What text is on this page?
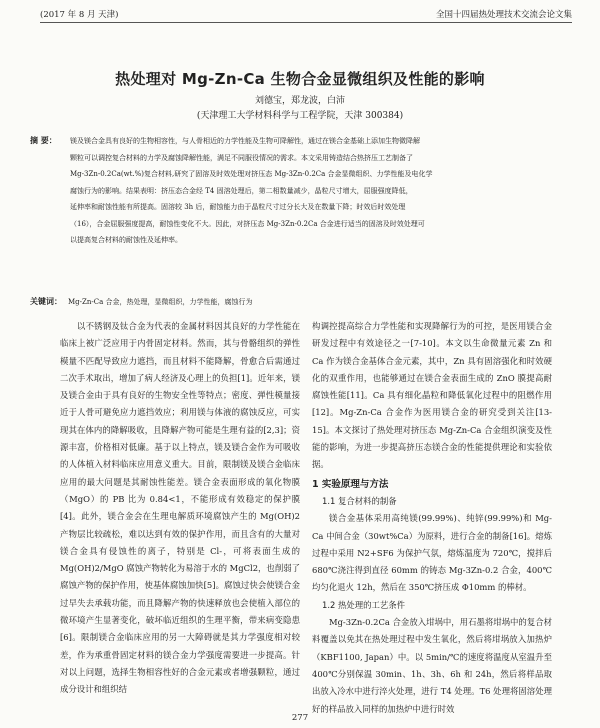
(2017 年 8 月 天津)	全国十四届热处理技术交流会论文集
热处理对 Mg-Zn-Ca 生物合金显微组织及性能的影响
刘德宝，郑龙波，白沛
(天津理工大学材料科学与工程学院，天津 300384)
摘 要： 镁及镁合金具有良好的生物相容性，与人骨相近的力学性能及生物可降解性，通过在镁合金基础上添加生物微降解
颗粒可以调控复合材料的力学及腐蚀降解性能，满足不同服役情况的需求。本文采用铸造结合热挤压工艺制备了
Mg-3Zn-0.2Ca(wt.%)复合材料,研究了固溶及时效处理对挤压态 Mg-3Zn-0.2Ca 合金显微组织、力学性能及电化学
腐蚀行为的影响。结果表明：挤压态合金经 T4 固溶处理后，第二相数量减少，晶粒尺寸增大，屈服强度降低，
延伸率和耐蚀性能有所提高。固溶较 3h 后，耐蚀能力由于晶粒尺寸过分长大及在数量下降；时效后时效处理
（16），合金屈服强度提高，耐蚀性变化不大。因此，对挤压态 Mg-3Zn-0.2Ca 合金进行适当的固溶及时效处理可
以提高复合材料的耐蚀性及延伸率。
关键词： Mg-Zn-Ca 合金，热处理，显微组织，力学性能，腐蚀行为

以不锈钢及钛合金为代表的金属材料因其良好的力学性能在临床上被广泛应用于内骨固定材料。然而，其与骨骼组织的弹性模量不匹配导致应力遮挡，而且材料不能降解，骨愈合后需通过二次手术取出，增加了病人经济及心理上的负担[1]。近年来，镁及镁合金由于具有良好的生物安全性等特点；密度、弹性模量接近于人骨可避免应力遮挡效应；利用镁与体液的腐蚀反应，可实现其在体内的降解吸收，且降解产物可能是生理有益的[2,3]；资源丰富，价格相对低廉。基于以上特点，镁及镁合金作为可吸收的人体植入材料临床应用意义重大。目前，限制镁及镁合金临床应用的最大问题是其耐蚀性能差。镁合金表面形成的氧化物膜（MgO）的 PB 比为 0.84<1，不能形成有效稳定的保护膜[4]。此外，镁合金会在生理电解质环境腐蚀产生的 Mg(OH)2 产物层比较疏松，难以达到有效的保护作用，而且含有的大量对镁合金具有侵蚀性的离子，特别是 Cl-，可将表面生成的 Mg(OH)2/MgO 腐蚀产物转化为易溶于水的 MgCl2，也削弱了腐蚀产物的保护作用，使基体腐蚀加快[5]。腐蚀过快会使镁合金过早失去承载功能，而且降解产物的快速释放也会使植入部位的微环境产生显著变化，破坏临近组织的生理平衡，带来病变隐患[6]。限制镁合金临床应用的另一大障碍就是其力学强度相对较差，作为承重骨固定材料的镁合金力学强度需要进一步提高。针对以上问题，选择生物相容性好的合金元素或者增强颗粒，通过成分设计和组织结

构调控提高综合力学性能和实现降解行为的可控，是医用镁合金研发过程中有效途径之一[7-10]。本文以生命微量元素 Zn 和 Ca 作为镁合金基体合金元素，其中，Zn 具有固溶强化和时效硬化的双重作用，也能够通过在镁合金表面生成的 ZnO 膜提高耐腐蚀性能[11]。Ca 具有细化晶粒和降低氧化过程中的阻燃作用[12]。Mg-Zn-Ca 合金作为医用镁合金的研究受到关注[13-15]。本文探讨了热处理对挤压态 Mg-Zn-Ca 合金组织演变及性能的影响，为进一步提高挤压态镁合金的性能提供理论和实验依据。

1 实验原理与方法
1.1 复合材料的制备

镁合金基体采用高纯镁(99.99%)、纯锌(99.99%)和 Mg-Ca 中间合金（30wt%Ca）为原料，进行合金的制备[16]。熔炼过程中采用 N2+SF6 为保护气氛，熔炼温度为 720℃，搅拌后 680℃浇注得到直径 60mm 的铸态 Mg-3Zn-0.2 合金，400℃均匀化退火 12h，然后在 350℃挤压成 Φ10mm 的棒材。

1.2 热处理的工艺条件

Mg-3Zn-0.2Ca 合金放入坩埚中，用石墨将坩埚中的复合材料覆盖以免其在热处理过程中发生氧化，然后将坩埚放入加热炉（KBF1100, Japan）中。以 5min/℃的速度将温度从室温升至 400℃分别保温 30min、1h、3h、6h 和 24h，然后将样品取出放入冷水中进行淬火处理，进行 T4 处理。T6 处理将固溶处理好的样品放入同样的加热炉中进行时效

277
